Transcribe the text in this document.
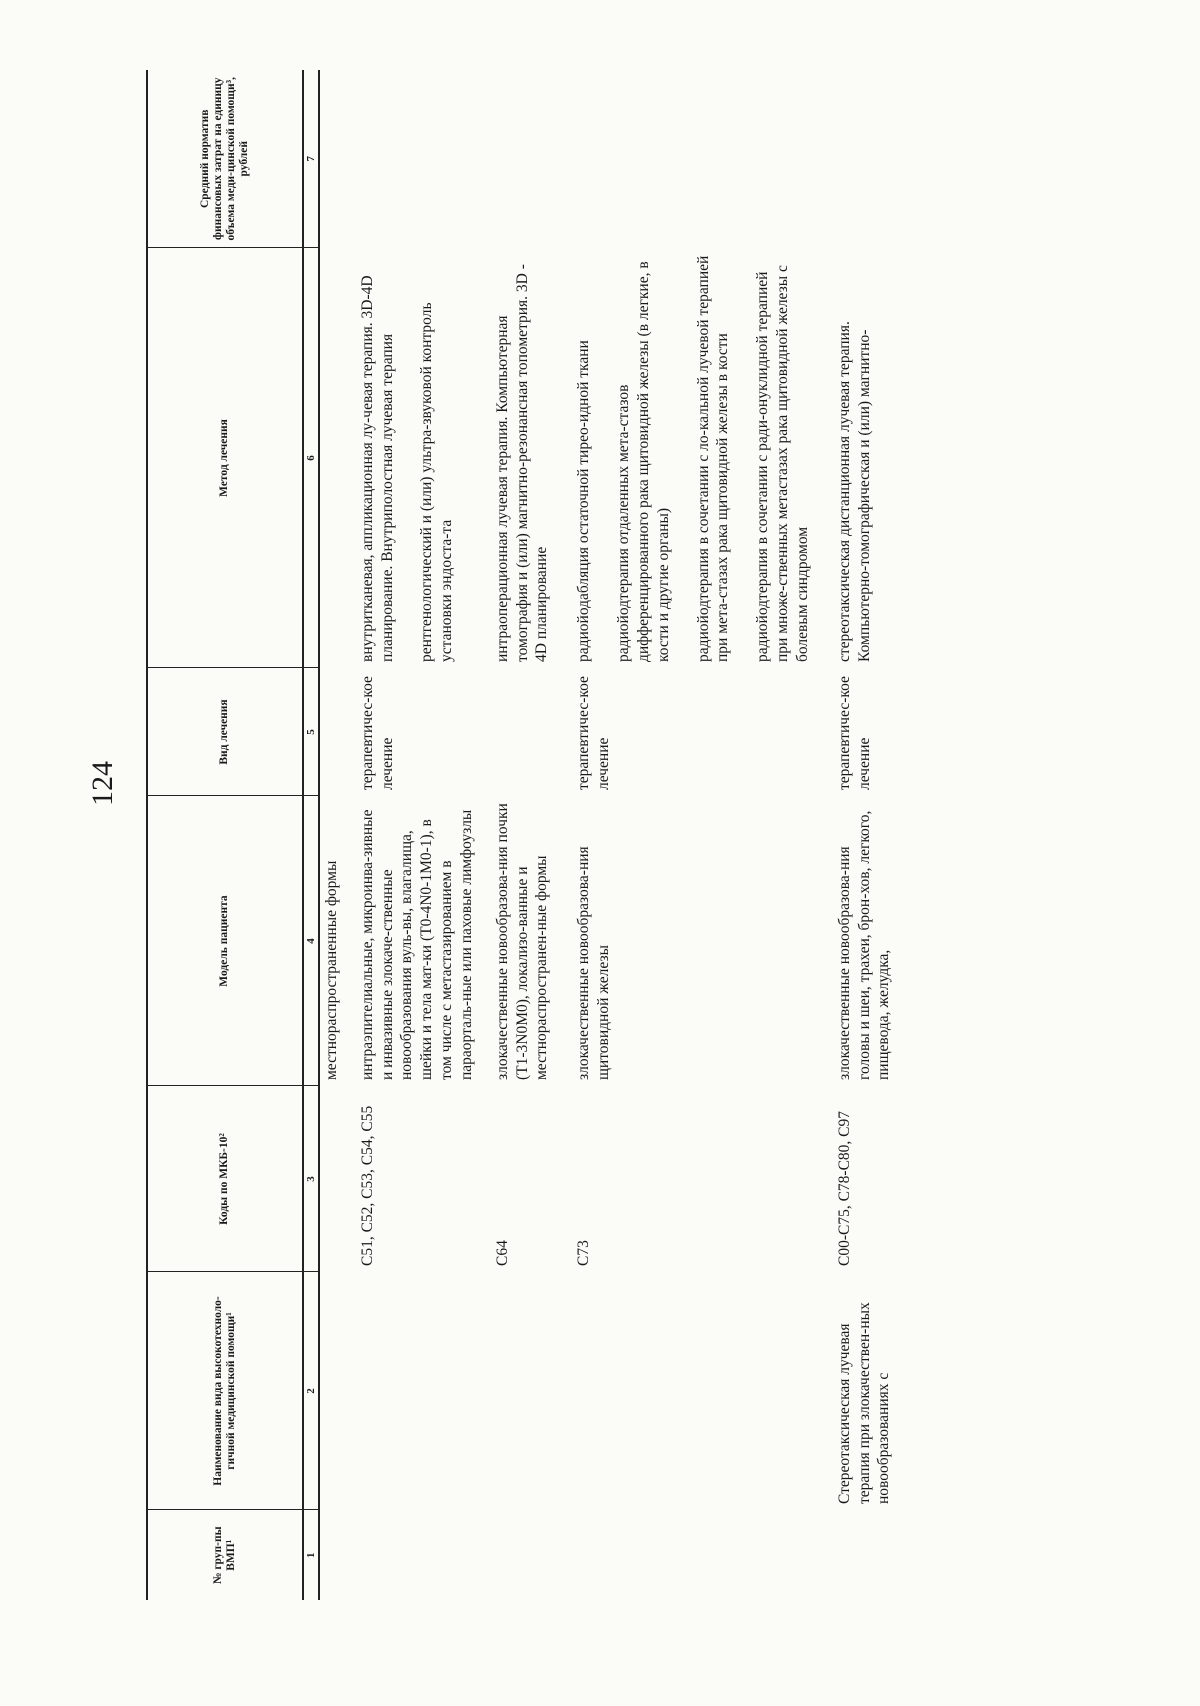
124
№ груп-пы ВМП¹	Наименование вида высокотехноло-гичной медицинской помощи¹	Коды по МКБ-10²	Модель пациента	Вид лечения	Метод лечения	Средний норматив финансовых затрат на единицу объема меди-цинской помощи³, рублей
1	2	3	4	5	6	7
			местнораспространенные формы			
		C51, C52, C53, C54, C55	интраэпителиальные, микроинва-зивные и инвазивные злокаче-ственные новообразования вуль-вы, влагалища, шейки и тела мат-ки (T0-4N0-1M0-1), в том числе с метастазированием в параорталь-ные или паховые лимфоузлы	терапевтичес-кое лечение	внутритканевая, аппликационная лу-чевая терапия. 3D-4D планирование. Внутриполостная лучевая терапия рентгенологический и (или) ультра-звуковой контроль установки эндоста-та	

		C64	злокачественные новообразова-ния почки (T1-3N0M0), локализо-ванные и местнораспространен-ные формы		интраоперационная лучевая терапия. Компьютерная томография и (или) магнитно-резонансная топометрия. 3D - 4D планирование	

		C73	злокачественные новообразова-ния щитовидной железы	терапевтичес-кое лечение	радиойодабляция остаточной тирео-идной ткани радиойодтерапия отдаленных мета-стазов дифференцированного рака щитовидной железы (в легкие, в кости и другие органы) радиойодтерапия в сочетании с ло-кальной лучевой терапией при мета-стазах рака щитовидной железы в кости радиойодтерапия в сочетании с ради-онуклидной терапией при множе-ственных метастазах рака щитовидной железы с болевым синдромом	

	Стереотаксическая лучевая терапия при злокачествен-ных новообразованиях с	C00-C75, C78-C80, C97	злокачественные новообразова-ния головы и шеи, трахеи, брон-хов, легкого, пищевода, желудка,	терапевтичес-кое лечение	стереотаксическая дистанционная лучевая терапия. Компьютерно-томографическая и (или) магнитно-	
